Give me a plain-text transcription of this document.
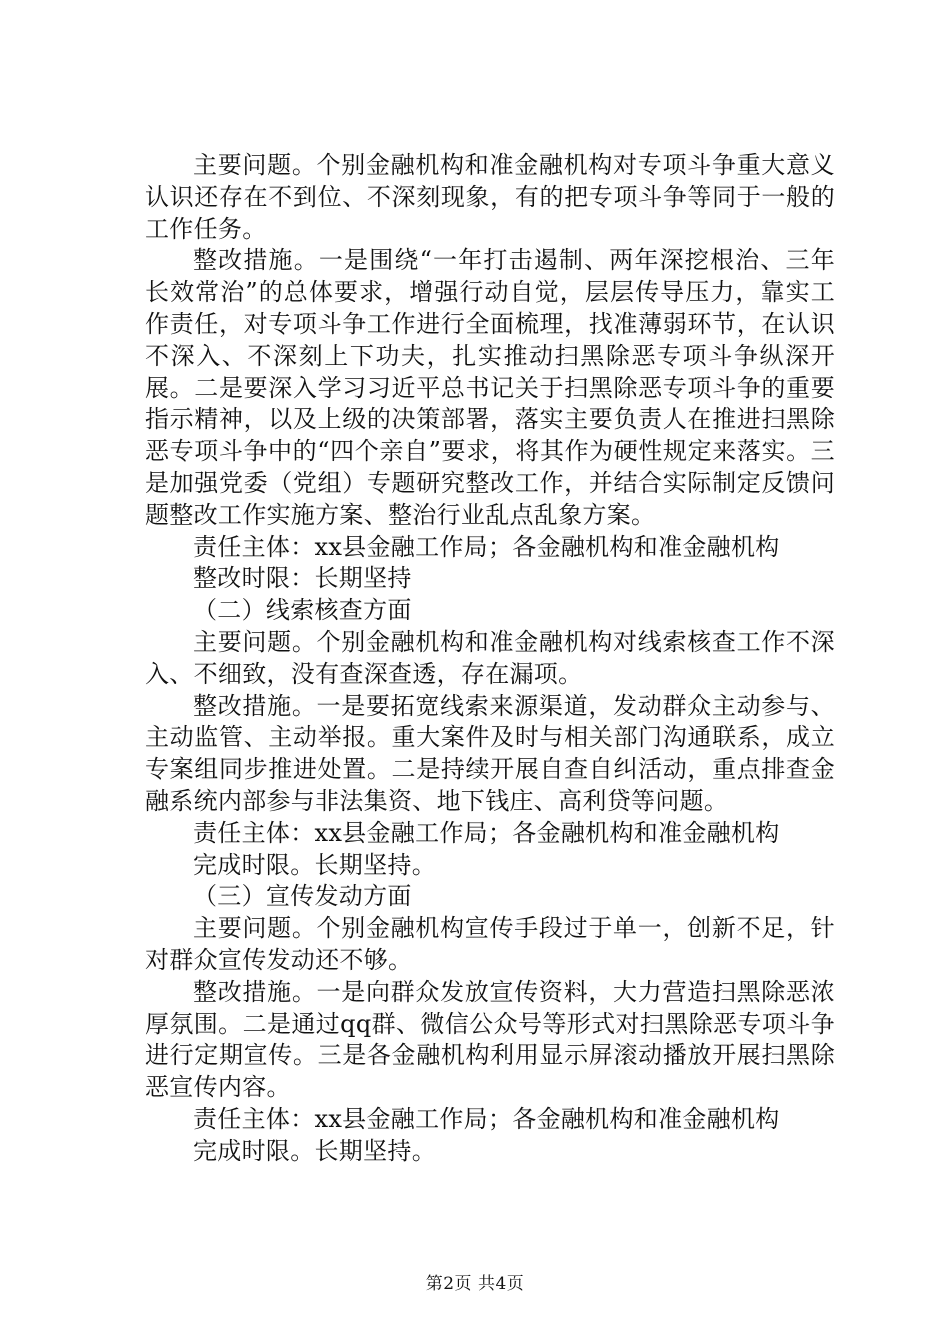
主要问题。个别金融机构和准金融机构对专项斗争重大意义认识还存在不到位、不深刻现象，有的把专项斗争等同于一般的工作任务。

整改措施。一是围绕“一年打击遏制、两年深挖根治、三年长效常治”的总体要求，增强行动自觉，层层传导压力，靠实工作责任，对专项斗争工作进行全面梳理，找准薄弱环节，在认识不深入、不深刻上下功夫，扎实推动扫黑除恶专项斗争纵深开展。二是要深入学习习近平总书记关于扫黑除恶专项斗争的重要指示精神，以及上级的决策部署，落实主要负责人在推进扫黑除恶专项斗争中的“四个亲自”要求，将其作为硬性规定来落实。三是加强党委（党组）专题研究整改工作，并结合实际制定反馈问题整改工作实施方案、整治行业乱点乱象方案。

责任主体：xx县金融工作局；各金融机构和准金融机构

整改时限：长期坚持

（二）线索核查方面

主要问题。个别金融机构和准金融机构对线索核查工作不深入、不细致，没有查深查透，存在漏项。

整改措施。一是要拓宽线索来源渠道，发动群众主动参与、主动监管、主动举报。重大案件及时与相关部门沟通联系，成立专案组同步推进处置。二是持续开展自查自纠活动，重点排查金融系统内部参与非法集资、地下钱庄、高利贷等问题。

责任主体：xx县金融工作局；各金融机构和准金融机构

完成时限。长期坚持。

（三）宣传发动方面

主要问题。个别金融机构宣传手段过于单一，创新不足，针对群众宣传发动还不够。

整改措施。一是向群众发放宣传资料，大力营造扫黑除恶浓厚氛围。二是通过qq群、微信公众号等形式对扫黑除恶专项斗争进行定期宣传。三是各金融机构利用显示屏滚动播放开展扫黑除恶宣传内容。

责任主体：xx县金融工作局；各金融机构和准金融机构

完成时限。长期坚持。

第2页 共4页
